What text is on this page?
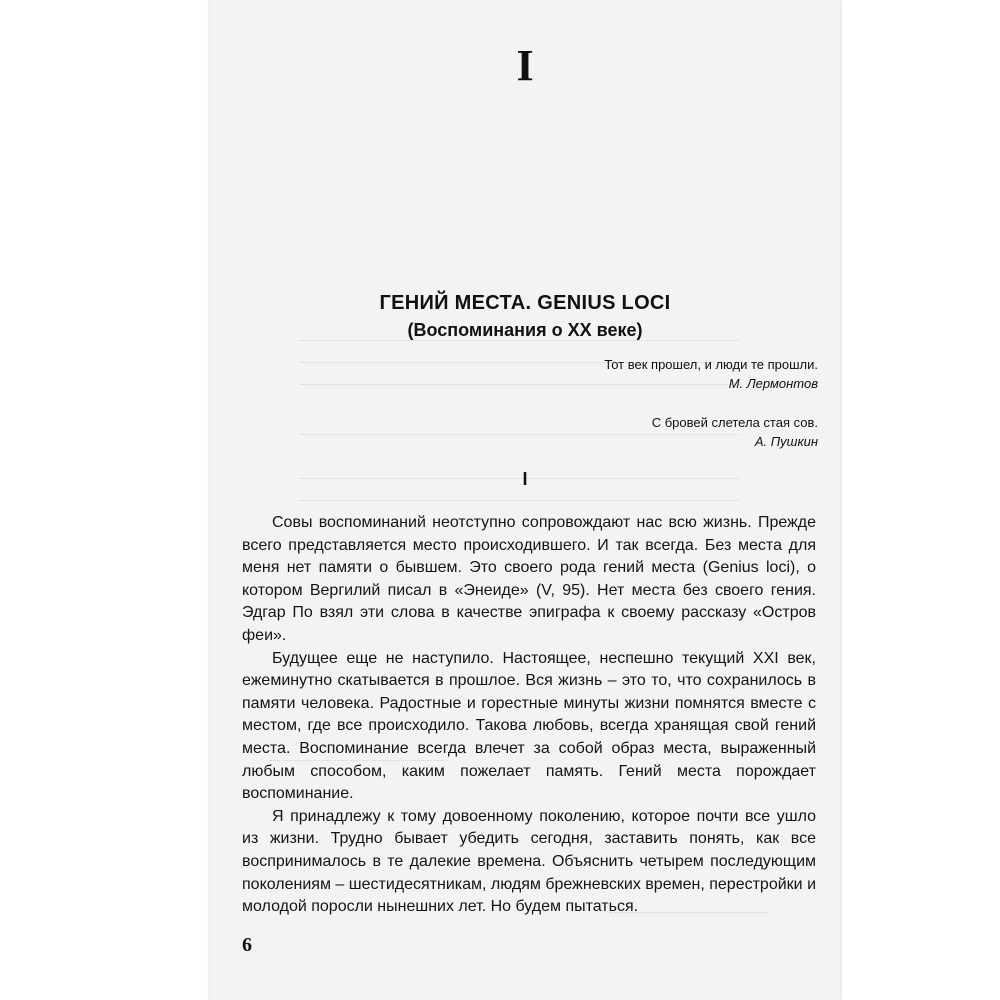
I
ГЕНИЙ МЕСТА. GENIUS LOCI
(Воспоминания о XX веке)
Тот век прошел, и люди те прошли.
М. Лермонтов
С бровей слетела стая сов.
А. Пушкин
I

Совы воспоминаний неотступно сопровождают нас всю жизнь. Прежде всего представляется место происходившего. И так всегда. Без места для меня нет памяти о бывшем. Это своего рода гений места (Genius loci), о котором Вергилий писал в «Энеиде» (V, 95). Нет места без своего гения. Эдгар По взял эти слова в качестве эпиграфа к своему рассказу «Остров феи».

Будущее еще не наступило. Настоящее, неспешно текущий XXI век, ежеминутно скатывается в прошлое. Вся жизнь – это то, что сохранилось в памяти человека. Радостные и горестные минуты жизни помнятся вместе с местом, где все происходило. Такова любовь, всегда хранящая свой гений места. Воспоминание всегда влечет за собой образ места, выраженный любым способом, каким пожелает память. Гений места порождает воспоминание.

Я принадлежу к тому довоенному поколению, которое почти все ушло из жизни. Трудно бывает убедить сегодня, заставить понять, как все воспринималось в те далекие времена. Объяснить четырем последующим поколениям – шестидесятникам, людям брежневских времен, перестройки и молодой поросли нынешних лет. Но будем пытаться.

6
